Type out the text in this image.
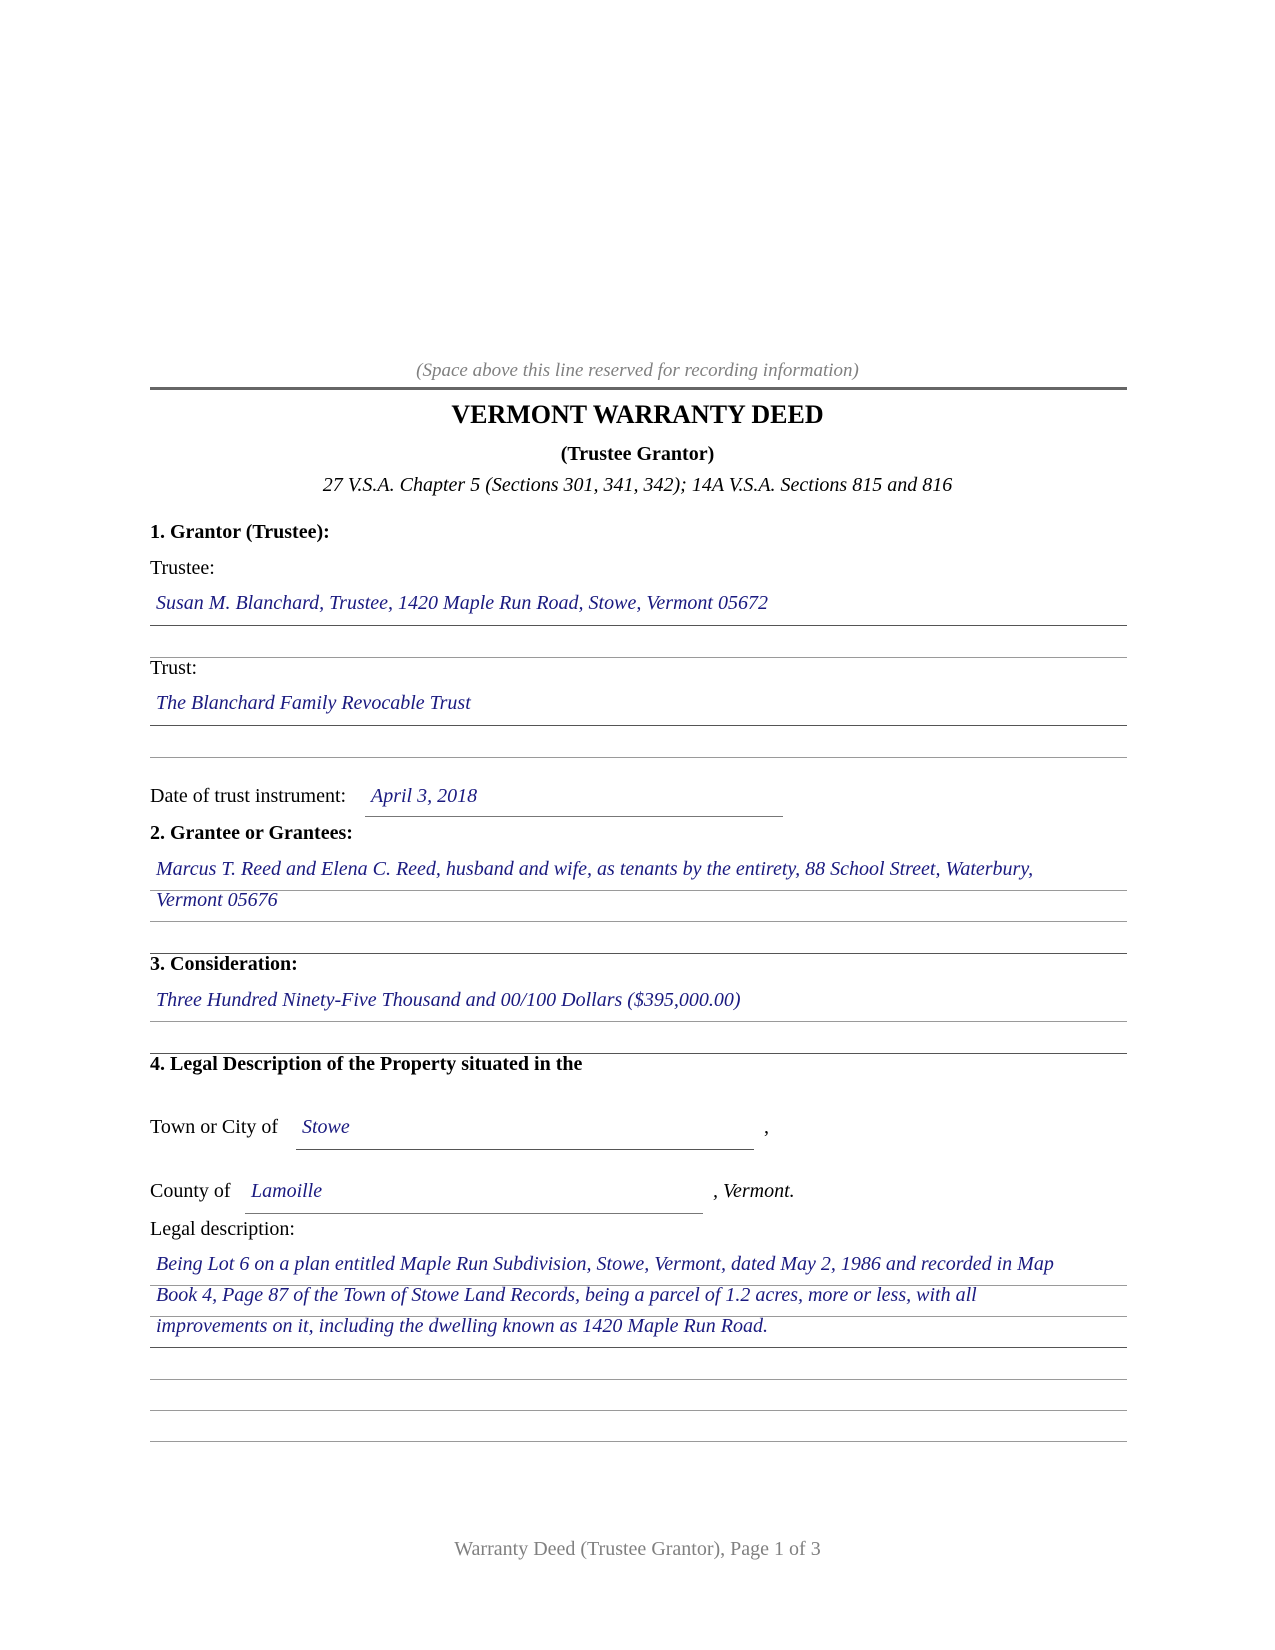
(Space above this line reserved for recording information)
VERMONT WARRANTY DEED
(Trustee Grantor)
27 V.S.A. Chapter 5 (Sections 301, 341, 342); 14A V.S.A. Sections 815 and 816
1. Grantor (Trustee):
Trustee:
Susan M. Blanchard, Trustee, 1420 Maple Run Road, Stowe, Vermont 05672
Trust:
The Blanchard Family Revocable Trust
Date of trust instrument: April 3, 2018
2. Grantee or Grantees:
Marcus T. Reed and Elena C. Reed, husband and wife, as tenants by the entirety, 88 School Street, Waterbury,
Vermont 05676
3. Consideration:
Three Hundred Ninety-Five Thousand and 00/100 Dollars ($395,000.00)
4. Legal Description of the Property situated in the
Town or City of Stowe	,
County of Lamoille	, Vermont.
Legal description:
Being Lot 6 on a plan entitled Maple Run Subdivision, Stowe, Vermont, dated May 2, 1986 and recorded in Map
Book 4, Page 87 of the Town of Stowe Land Records, being a parcel of 1.2 acres, more or less, with all
improvements on it, including the dwelling known as 1420 Maple Run Road.
Warranty Deed (Trustee Grantor), Page 1 of 3
